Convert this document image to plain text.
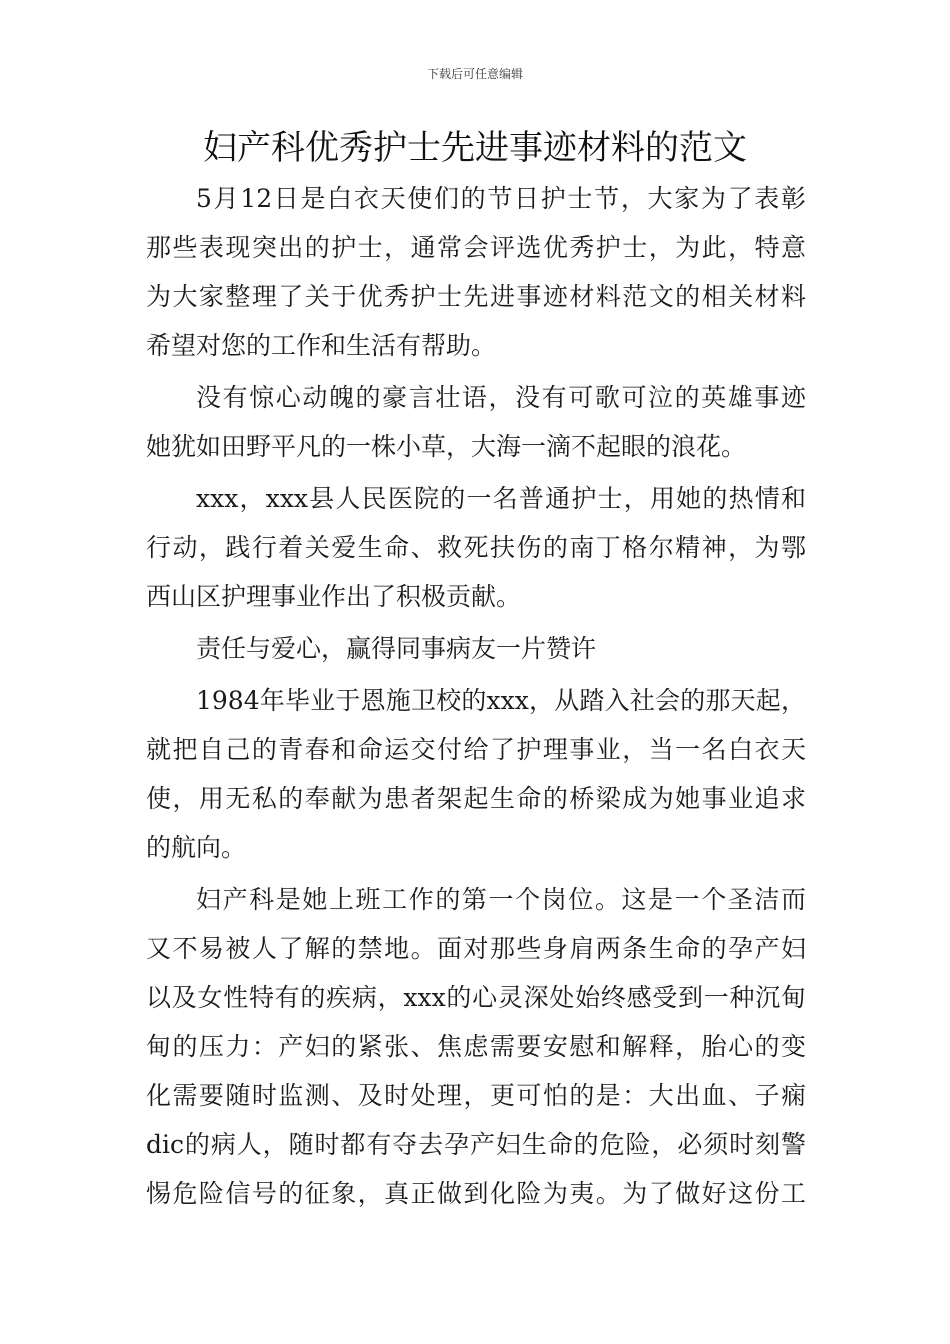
下载后可任意编辑
妇产科优秀护士先进事迹材料的范文
5月12日是白衣天使们的节日护士节，大家为了表彰
那些表现突出的护士，通常会评选优秀护士，为此，特意
为大家整理了关于优秀护士先进事迹材料范文的相关材料
希望对您的工作和生活有帮助。
没有惊心动魄的豪言壮语，没有可歌可泣的英雄事迹
她犹如田野平凡的一株小草，大海一滴不起眼的浪花。
xxx，xxx县人民医院的一名普通护士，用她的热情和
行动，践行着关爱生命、救死扶伤的南丁格尔精神，为鄂
西山区护理事业作出了积极贡献。
责任与爱心，赢得同事病友一片赞许
1984年毕业于恩施卫校的xxx，从踏入社会的那天起，
就把自己的青春和命运交付给了护理事业，当一名白衣天
使，用无私的奉献为患者架起生命的桥梁成为她事业追求
的航向。
妇产科是她上班工作的第一个岗位。这是一个圣洁而
又不易被人了解的禁地。面对那些身肩两条生命的孕产妇
以及女性特有的疾病，xxx的心灵深处始终感受到一种沉甸
甸的压力：产妇的紧张、焦虑需要安慰和解释，胎心的变
化需要随时监测、及时处理，更可怕的是：大出血、子痫
dic的病人，随时都有夺去孕产妇生命的危险，必须时刻警
惕危险信号的征象，真正做到化险为夷。为了做好这份工
